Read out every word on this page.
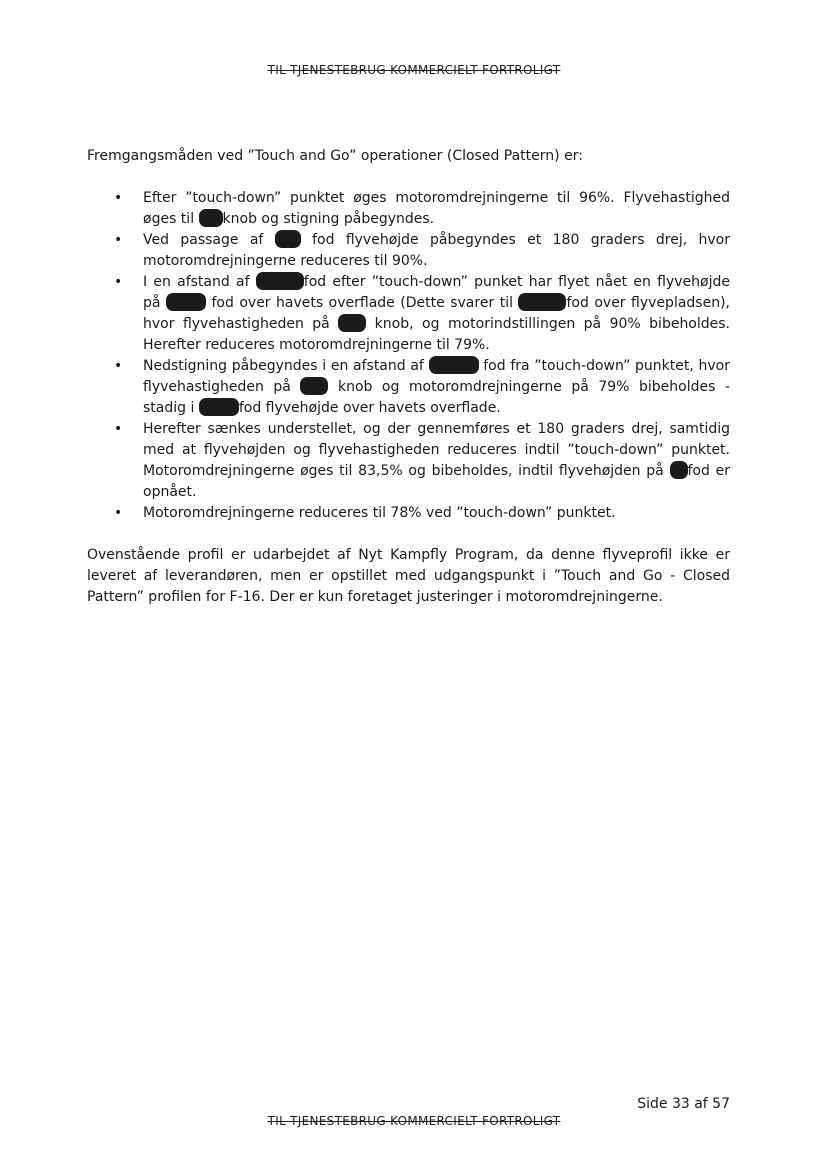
TIL TJENESTEBRUG KOMMERCIELT FORTROLIGT

Fremgangsmåden ved ”Touch and Go” operationer (Closed Pattern) er:

• Efter ”touch-down” punktet øges motoromdrejningerne til 96%. Flyvehastighed øges til knob og stigning påbegyndes.
• Ved passage af  fod flyvehøjde påbegyndes et 180 graders drej, hvor motoromdrejningerne reduceres til 90%.
• I en afstand af	fod efter ”touch-down” punket har flyet nået en flyvehøjde på	fod over havets overflade (Dette svarer til	fod over flyvepladsen), hvor flyvehastigheden på  knob, og motorindstillingen på 90% bibeholdes. Herefter reduceres motoromdrejningerne til 79%.
• Nedstigning påbegyndes i en afstand af	fod fra ”touch-down” punktet, hvor flyvehastigheden på  knob og motoromdrejningerne på 79% bibeholdes - stadig i	fod flyvehøjde over havets overflade.
• Herefter sænkes understellet, og der gennemføres et 180 graders drej, samtidig med at flyvehøjden og flyvehastigheden reduceres indtil ”touch-down” punktet. Motoromdrejningerne øges til 83,5% og bibeholdes, indtil flyvehøjden på fod er opnået.
• Motoromdrejningerne reduceres til 78% ved ”touch-down” punktet.

Ovenstående profil er udarbejdet af Nyt Kampfly Program, da denne flyveprofil ikke er leveret af leverandøren, men er opstillet med udgangspunkt i ”Touch and Go - Closed Pattern” profilen for F-16. Der er kun foretaget justeringer i motoromdrejningerne.

Side 33 af 57
TIL TJENESTEBRUG KOMMERCIELT FORTROLIGT
